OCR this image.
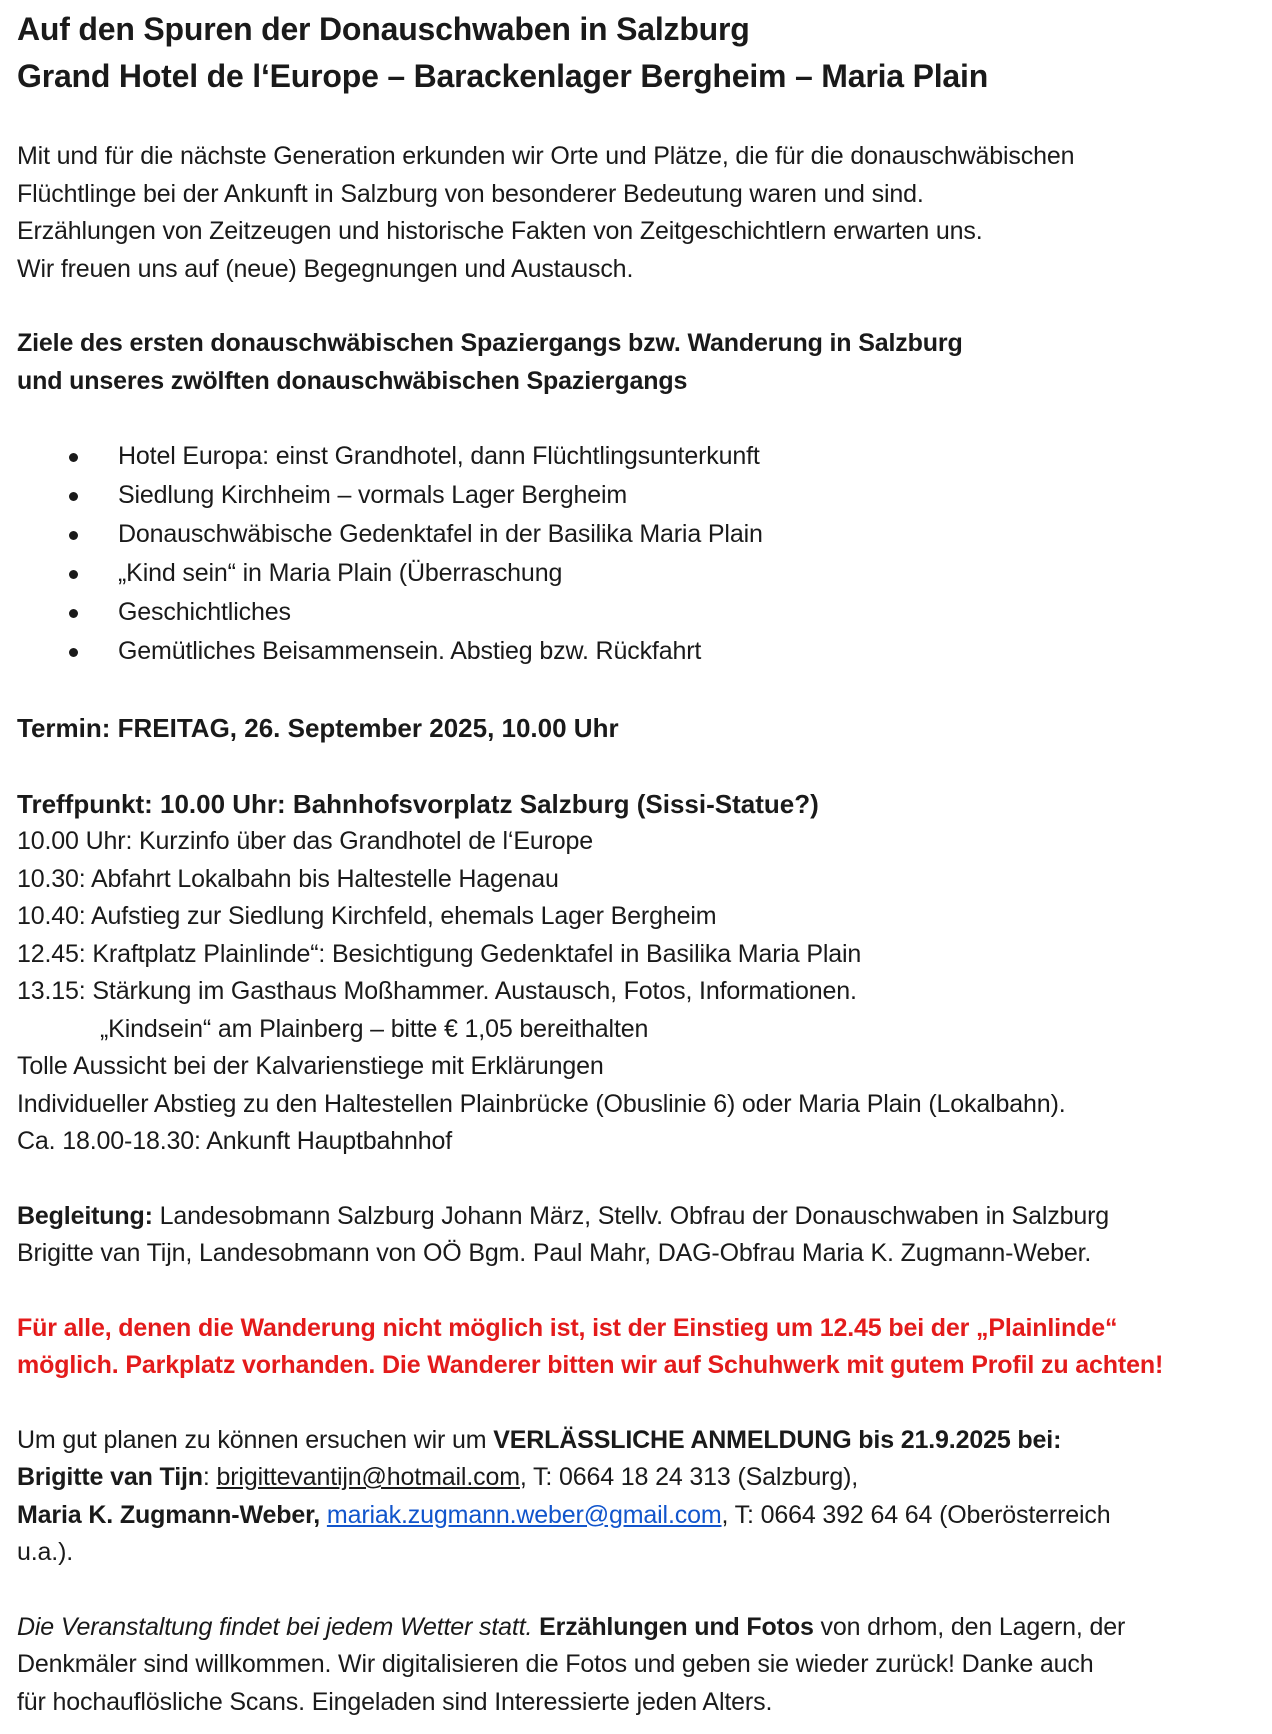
Auf den Spuren der Donauschwaben in Salzburg
Grand Hotel de l‘Europe – Barackenlager Bergheim – Maria Plain

Mit und für die nächste Generation erkunden wir Orte und Plätze, die für die donauschwäbischen
Flüchtlinge bei der Ankunft in Salzburg von besonderer Bedeutung waren und sind.
Erzählungen von Zeitzeugen und historische Fakten von Zeitgeschichtlern erwarten uns.
Wir freuen uns auf (neue) Begegnungen und Austausch.

Ziele des ersten donauschwäbischen Spaziergangs bzw. Wanderung in Salzburg
und unseres zwölften donauschwäbischen Spaziergangs

Hotel Europa: einst Grandhotel, dann Flüchtlingsunterkunft
Siedlung Kirchheim – vormals Lager Bergheim
Donauschwäbische Gedenktafel in der Basilika Maria Plain
„Kind sein“ in Maria Plain (Überraschung
Geschichtliches
Gemütliches Beisammensein. Abstieg bzw. Rückfahrt

Termin: FREITAG, 26. September 2025, 10.00 Uhr

Treffpunkt: 10.00 Uhr: Bahnhofsvorplatz Salzburg (Sissi-Statue?)

10.00 Uhr: Kurzinfo über das Grandhotel de l‘Europe
10.30: Abfahrt Lokalbahn bis Haltestelle Hagenau
10.40: Aufstieg zur Siedlung Kirchfeld, ehemals Lager Bergheim
12.45: Kraftplatz Plainlinde“: Besichtigung Gedenktafel in Basilika Maria Plain
13.15: Stärkung im Gasthaus Moßhammer. Austausch, Fotos, Informationen.
„Kindsein“ am Plainberg – bitte € 1,05 bereithalten
Tolle Aussicht bei der Kalvarienstiege mit Erklärungen
Individueller Abstieg zu den Haltestellen Plainbrücke (Obuslinie 6) oder Maria Plain (Lokalbahn).
Ca. 18.00-18.30: Ankunft Hauptbahnhof

Begleitung: Landesobmann Salzburg Johann März, Stellv. Obfrau der Donauschwaben in Salzburg
Brigitte van Tijn, Landesobmann von OÖ Bgm. Paul Mahr, DAG-Obfrau Maria K. Zugmann-Weber.

Für alle, denen die Wanderung nicht möglich ist, ist der Einstieg um 12.45 bei der „Plainlinde“
möglich. Parkplatz vorhanden. Die Wanderer bitten wir auf Schuhwerk mit gutem Profil zu achten!

Um gut planen zu können ersuchen wir um VERLÄSSLICHE ANMELDUNG bis 21.9.2025 bei:
Brigitte van Tijn: brigittevantijn@hotmail.com, T: 0664 18 24 313 (Salzburg),
Maria K. Zugmann-Weber, mariak.zugmann.weber@gmail.com, T: 0664 392 64 64 (Oberösterreich
u.a.).

Die Veranstaltung findet bei jedem Wetter statt. Erzählungen und Fotos von drhom, den Lagern, der
Denkmäler sind willkommen. Wir digitalisieren die Fotos und geben sie wieder zurück! Danke auch
für hochauflösliche Scans. Eingeladen sind Interessierte jeden Alters.
